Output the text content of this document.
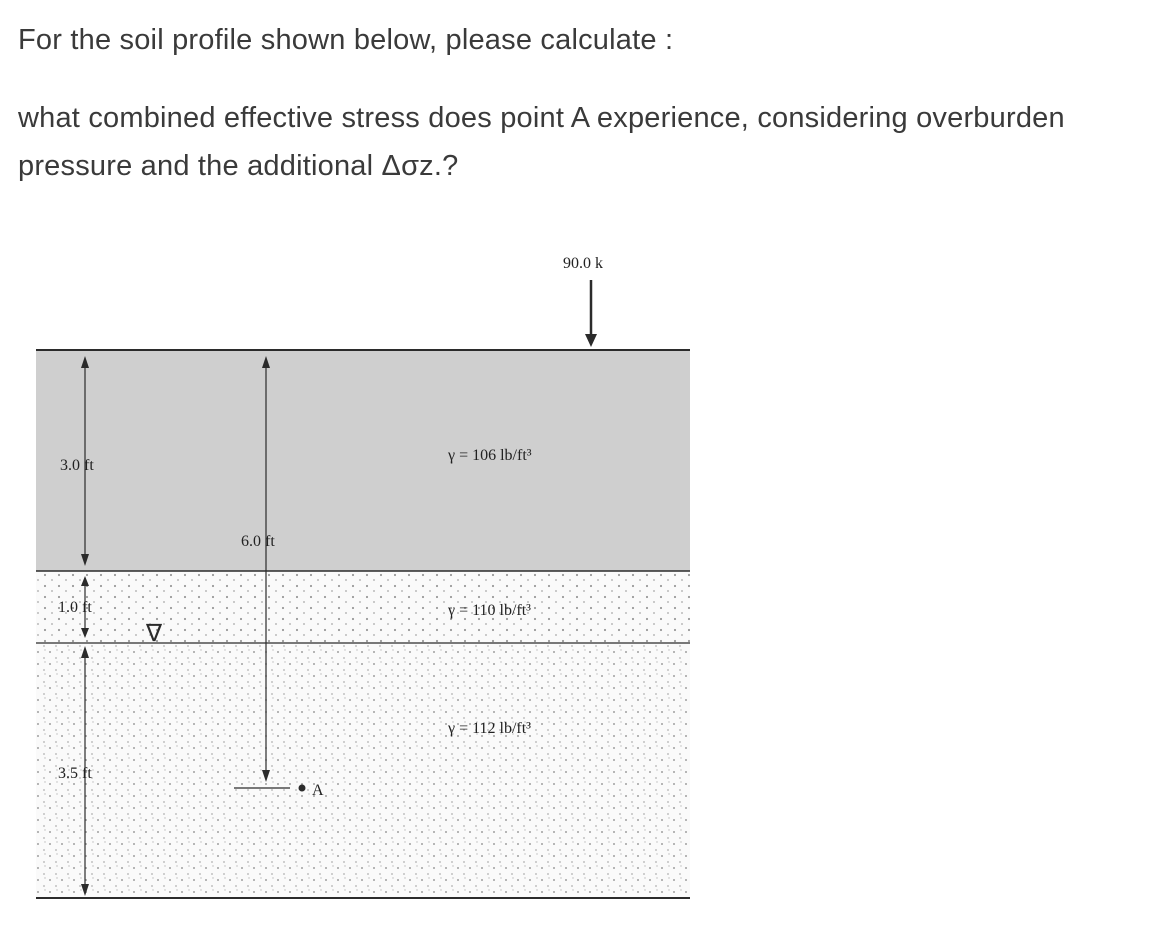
For the soil profile shown below, please calculate :

what combined effective stress does point A experience, considering overburden pressure and the additional Δσz.?

90.0 k
3.0 ft
1.0 ft
3.5 ft
6.0 ft
A
∇
γ = 106 lb/ft³
γ = 110 lb/ft³
γ = 112 lb/ft³
